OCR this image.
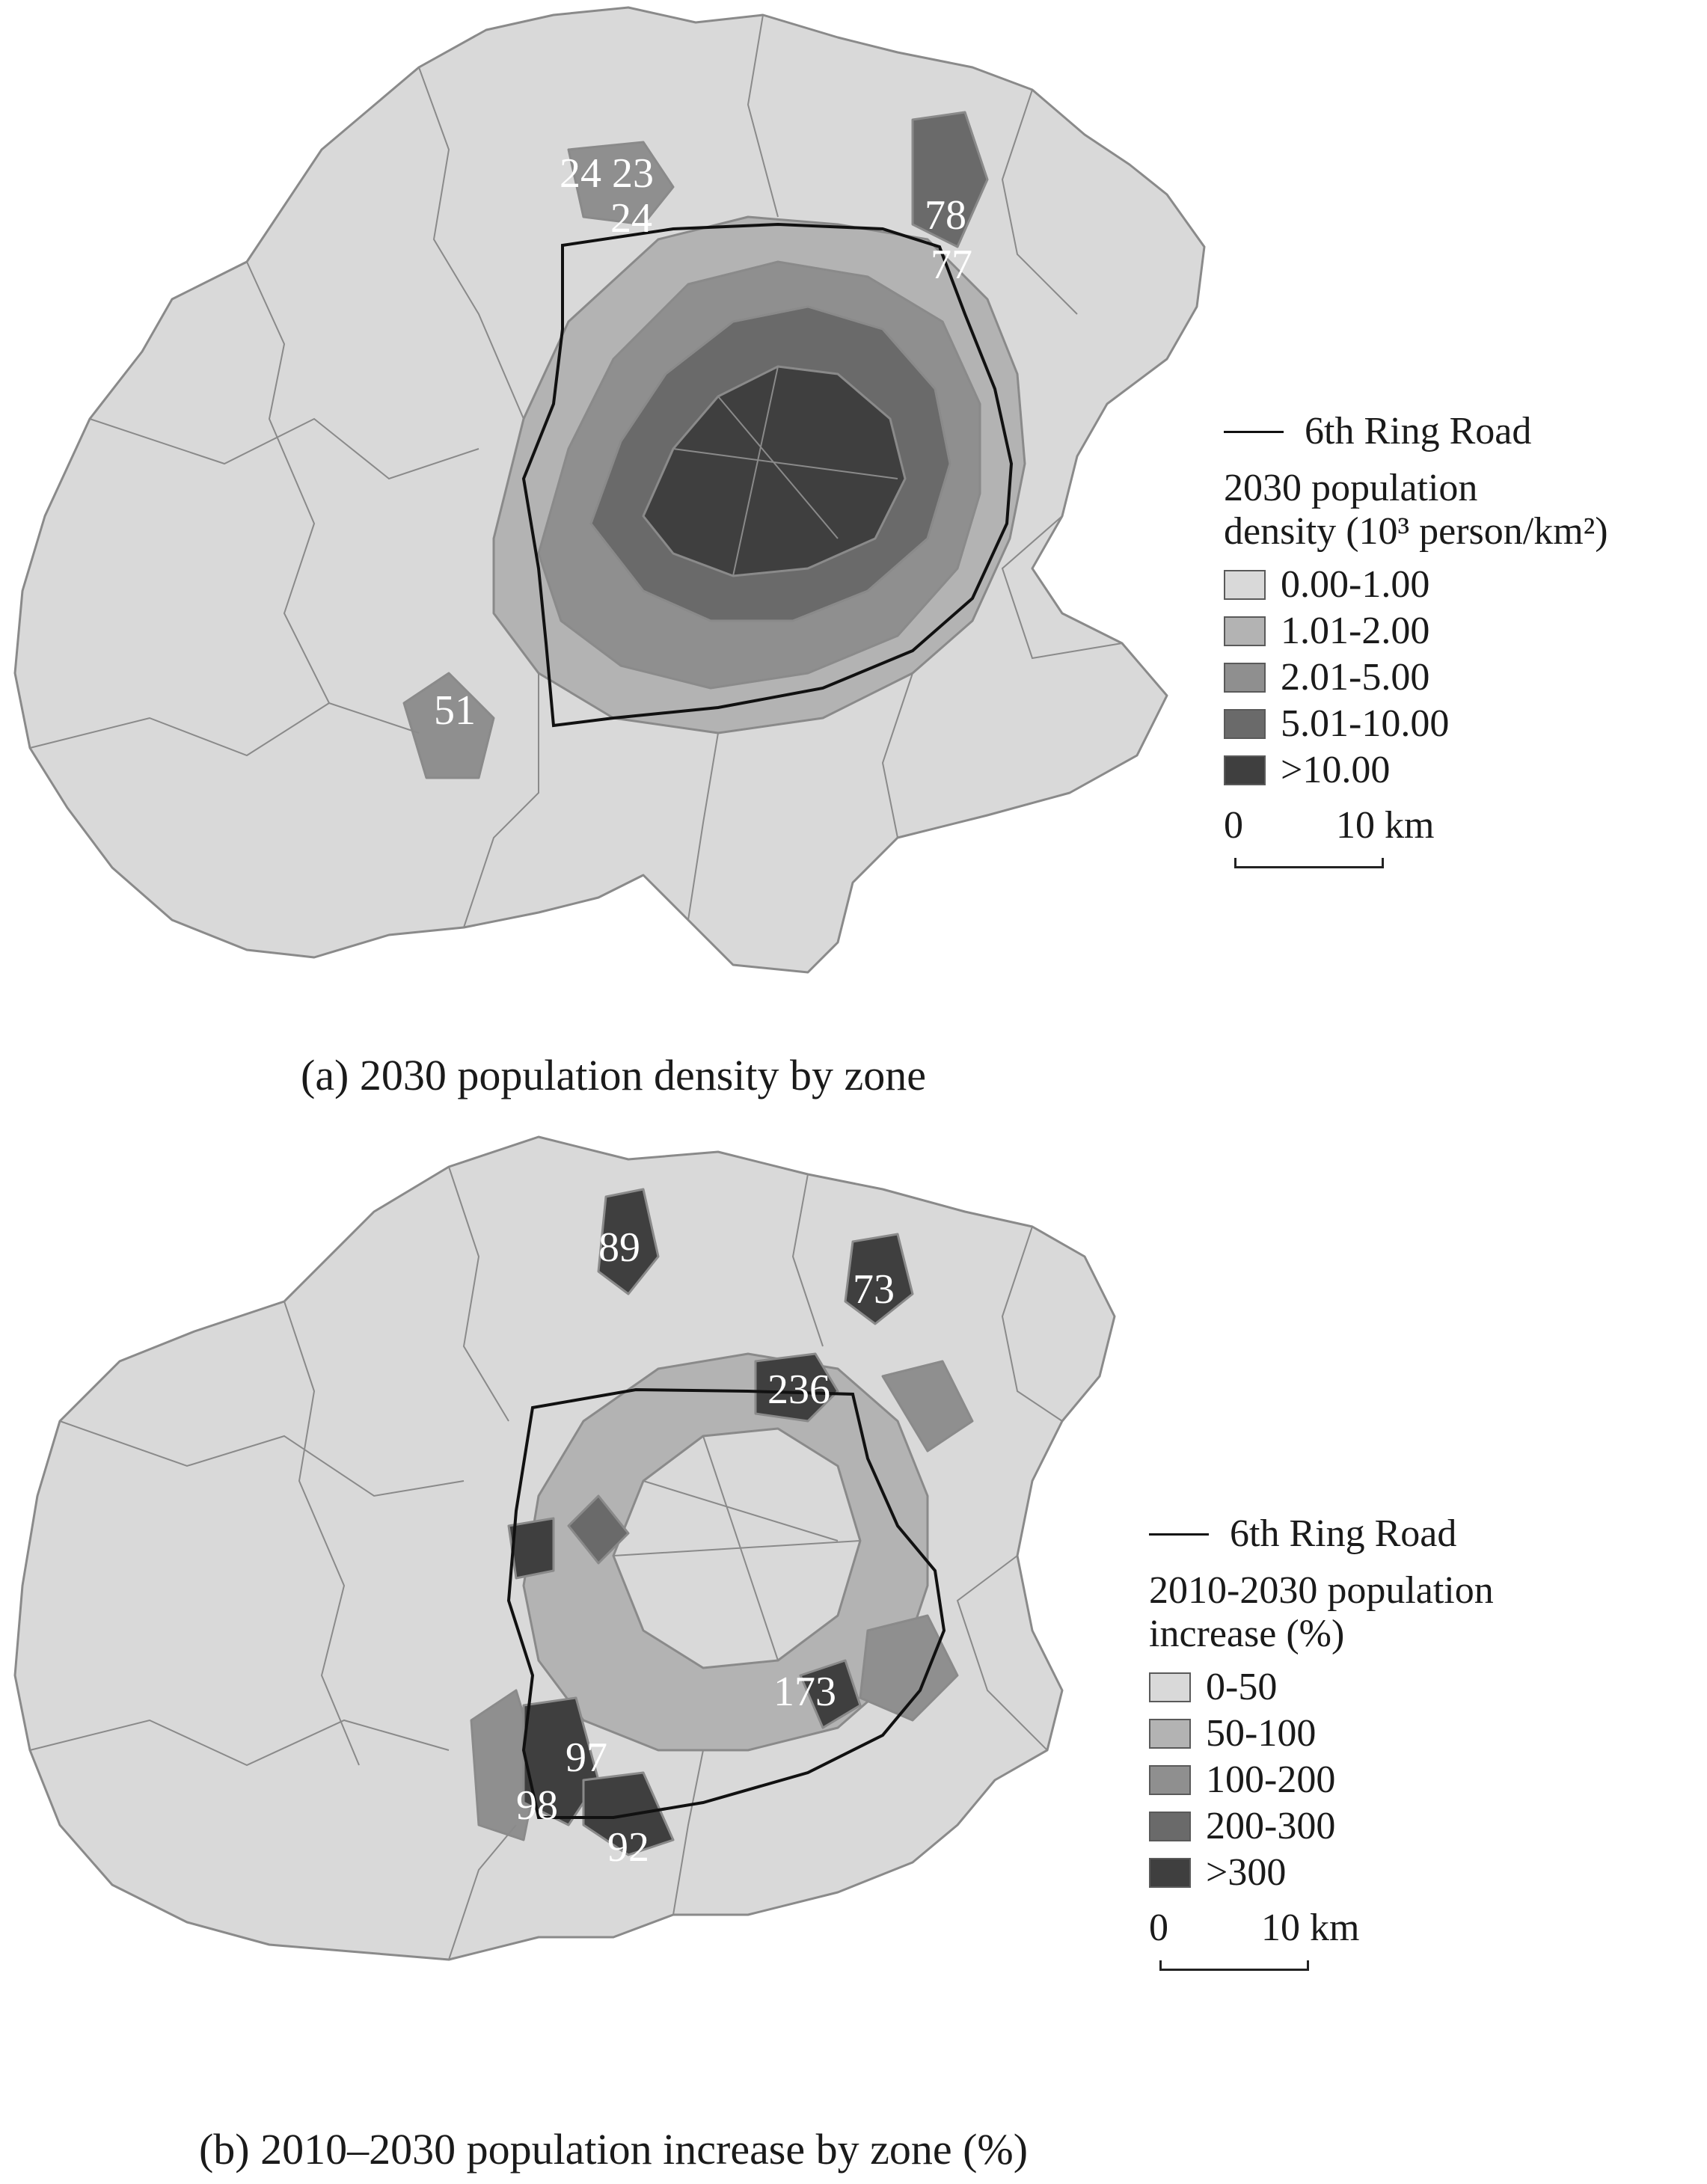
24 23
24	78
77
51
6th Ring Road
2030 population
density (10³ person/km²)
0.00-1.00
1.01-2.00
2.01-5.00
5.01-10.00
>10.00
0 10 km
(a) 2030 population density by zone
89
73
236
173
97
98
92
6th Ring Road
2010-2030 population
increase (%)
0-50
50-100
100-200
200-300
>300
0 10 km
(b) 2010–2030 population increase by zone (%)
